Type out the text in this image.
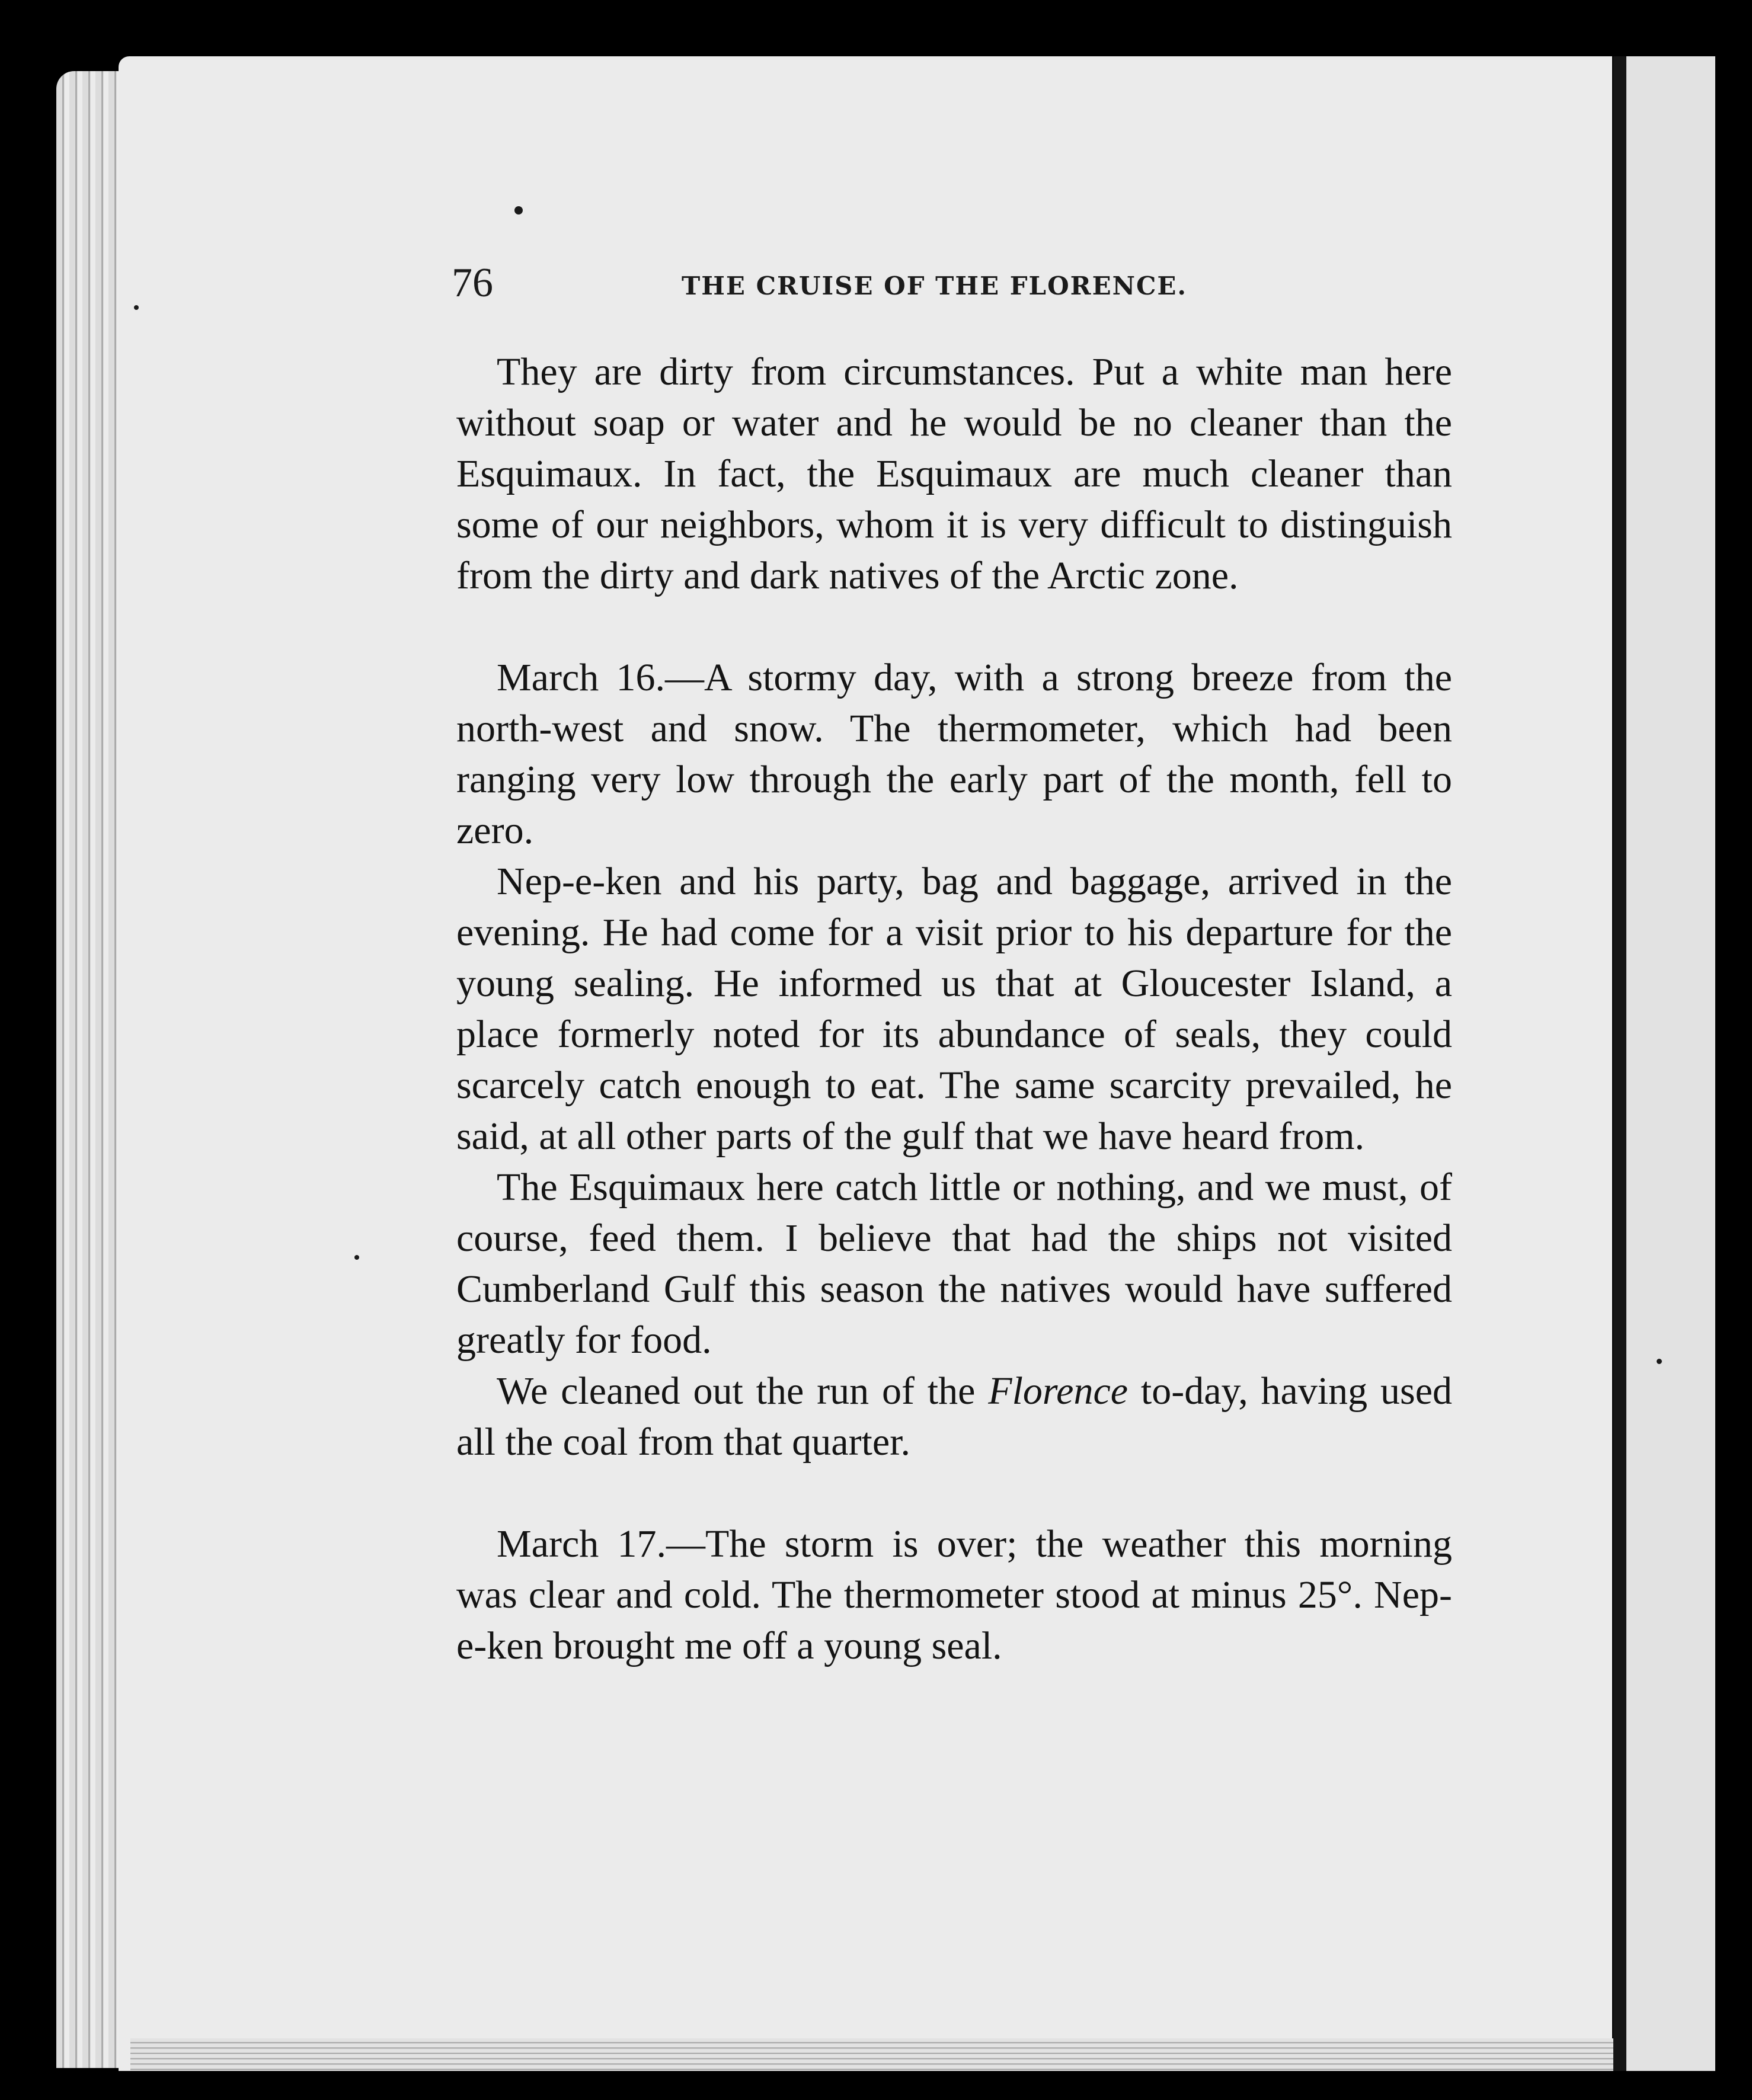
76	THE CRUISE OF THE FLORENCE.

They are dirty from circumstances. Put a white man here without soap or water and he would be no cleaner than the Esquimaux. In fact, the Esquimaux are much cleaner than some of our neighbors, whom it is very difficult to distinguish from the dirty and dark natives of the Arctic zone.

March 16.—A stormy day, with a strong breeze from the north-west and snow. The thermometer, which had been ranging very low through the early part of the month, fell to zero.

Nep-e-ken and his party, bag and baggage, arrived in the evening. He had come for a visit prior to his departure for the young sealing. He informed us that at Gloucester Island, a place formerly noted for its abundance of seals, they could scarcely catch enough to eat. The same scarcity prevailed, he said, at all other parts of the gulf that we have heard from.

The Esquimaux here catch little or nothing, and we must, of course, feed them. I believe that had the ships not visited Cumberland Gulf this season the natives would have suffered greatly for food.

We cleaned out the run of the Florence to-day, having used all the coal from that quarter.

March 17.—The storm is over; the weather this morning was clear and cold. The thermometer stood at minus 25°. Nep-e-ken brought me off a young seal.
